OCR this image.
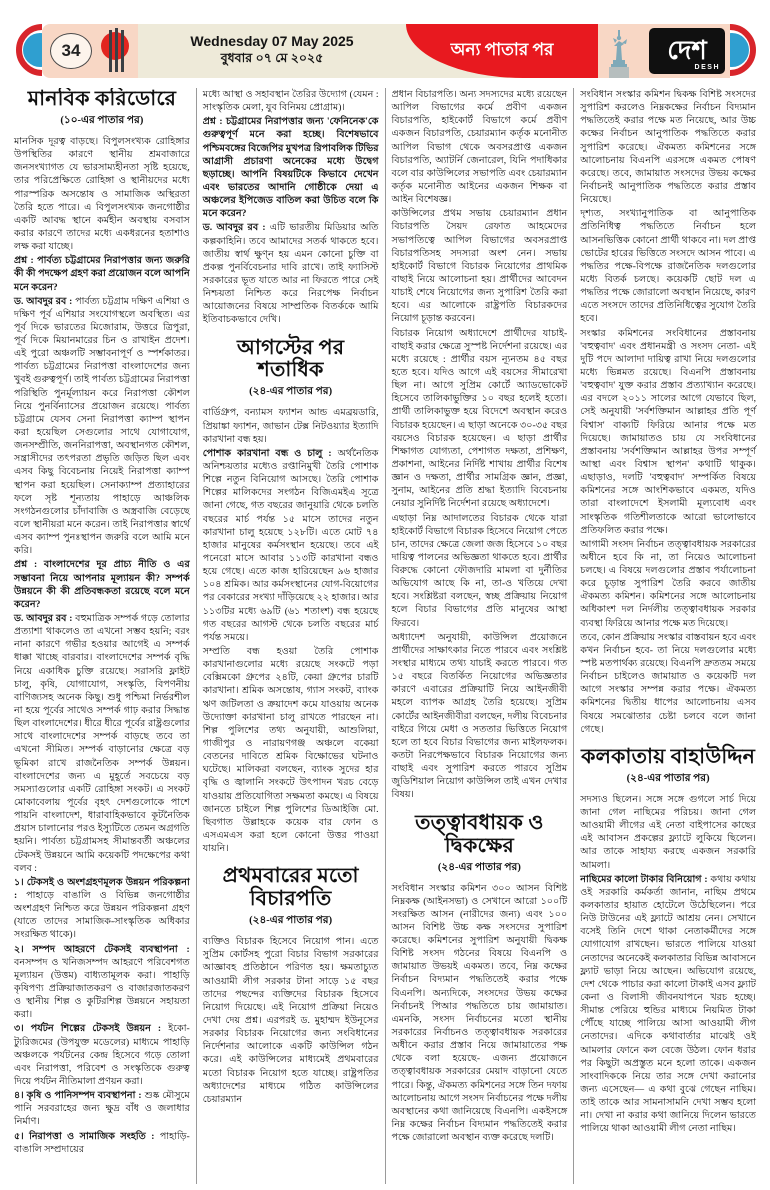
34
Wednesday 07 May 2025
বুধবার ০৭ মে ২০২৫	অন্য পাতার পর	দেশ
DESH
মানবিক করিডোরে
(১০-এর পাতার পর)

মানসিক দূরত্ব বাড়ছে। বিপুলসংখ্যক রোহিঙ্গার উপস্থিতির কারণে স্থানীয় শ্রমবাজারে জনসংখ্যাগত যে ভারসাম্যহীনতা সৃষ্টি হয়েছে, তার পরিপ্রেক্ষিতে রোহিঙ্গা ও স্থানীয়দের মধ্যে পারস্পরিক অসন্তোষ ও সামাজিক অস্থিরতা তৈরি হতে পারে। এ বিপুলসংখ্যক জনগোষ্ঠীর একটি আবদ্ধ স্থানে কর্মহীন অবস্থায় বসবাস করার কারণে তাদের মধ্যে একধরনের হতাশাও লক্ষ করা যাচ্ছে।

প্রশ্ন : পার্বত্য চট্টগ্রামের নিরাপত্তার জন্য জরুরি কী কী পদক্ষেপ গ্রহণ করা প্রয়োজন বলে আপনি মনে করেন?

ড. আবদুর রব : পার্বত্য চট্টগ্রাম দক্ষিণ এশিয়া ও দক্ষিণ পূর্ব এশিয়ার সংযোগস্থলে অবস্থিত। এর পূর্ব দিকে ভারতের মিজোরাম, উত্তরে ত্রিপুরা, পূর্ব দিকে মিয়ানমারের চিন ও রাখাইন প্রদেশ। এই পুরো অঞ্চলটি সম্ভাবনাপূর্ণ ও স্পর্শকাতর। পার্বত্য চট্টগ্রামের নিরাপত্তা বাংলাদেশের জন্য খুবই গুরুত্বপূর্ণ। তাই পার্বত্য চট্টগ্রামের নিরাপত্তা পরিস্থিতি পুনর্মূল্যায়ন করে নিরাপত্তা কৌশল নিয়ে পুনর্বিন্যাসের প্রয়োজন রয়েছে। পার্বত্য চট্টগ্রামে যেসব সেনা নিরাপত্তা ক্যাম্প স্থাপন করা হয়েছিল সেগুলোর সাথে যোগাযোগ, জনসম্প্রীতি, জননিরাপত্তা, অবস্থানগত কৌশল, সন্ত্রাসীদের তৎপরতা প্রভৃতি জড়িত ছিল এবং এসব কিছু বিবেচনায় নিয়েই নিরাপত্তা ক্যাম্প স্থাপন করা হয়েছিল। সেনাক্যাম্প প্রত্যাহারের ফলে সৃষ্ট শূন্যতায় পাহাড়ে আঞ্চলিক সংগঠনগুলোর চাঁদাবাজি ও অস্ত্রবাজি বেড়েছে বলে স্থানীয়রা মনে করেন। তাই নিরাপত্তার স্বার্থে এসব ক্যাম্প পুনঃস্থাপন জরুরি বলে আমি মনে করি।

প্রশ্ন : বাংলাদেশের দূর প্রাচ্য নীতি ও এর সম্ভাবনা নিয়ে আপনার মূল্যায়ন কী? সম্পর্ক উন্নয়নে কী কী প্রতিবন্ধকতা রয়েছে বলে মনে করেন?

ড. আবদুর রব : বহুমাত্রিক সম্পর্ক গড়ে তোলার প্রত্যাশা থাকলেও তা এখনো সম্ভব হয়নি; বরং নানা কারণে গভীর হওয়ার আগেই এ সম্পর্ক ধাক্কা খাচ্ছে বারবার। বাংলাদেশের সম্পর্ক বৃদ্ধি নিয়ে একাধিক চুক্তি রয়েছে। সরাসরি ফ্লাইট চালু, কৃষি, যোগাযোগ, সংস্কৃতি, বিপণনীয় বাণিজ্যসহ অনেক কিছু। শুধু পশ্চিমা নির্ভরশীল না হয়ে পূর্বের সাথেও সম্পর্ক গাঢ় করার সিদ্ধান্ত ছিল বাংলাদেশের। ধীরে ধীরে পূর্বের রাষ্ট্রগুলোর সাথে বাংলাদেশের সম্পর্ক বাড়ছে তবে তা এখনো সীমিত। সম্পর্ক বাড়ানোর ক্ষেত্রে বড় ভূমিকা রাখে রাজনৈতিক সম্পর্ক উন্নয়ন। বাংলাদেশের জন্য এ মুহূর্তে সবচেয়ে বড় সমস্যাগুলোর একটি রোহিঙ্গা সংকট। এ সংকট মোকাবেলায় পূর্বের বৃহৎ দেশগুলোকে পাশে পায়নি বাংলাদেশ, ধারাবাহিকভাবে কূটনৈতিক প্রয়াস চালানোর পরও ইস্যুটিতে তেমন অগ্রগতি হয়নি। পার্বত্য চট্টগ্রামসহ সীমান্তবর্তী অঞ্চলের টেকসই উন্নয়নে আমি কয়েকটি পদক্ষেপের কথা বলব :

১। টেকসই ও অংশগ্রহণমূলক উন্নয়ন পরিকল্পনা : পাহাড়ে বাঙালি ও বিভিন্ন জনগোষ্ঠীর অংশগ্রহণ নিশ্চিত করে উন্নয়ন পরিকল্পনা গ্রহণ (যাতে তাদের সামাজিক-সাংস্কৃতিক অধিকার সংরক্ষিত থাকে)।

২। সম্পদ আহরণে টেকসই ব্যবস্থাপনা : বনসম্পদ ও খনিজসম্পদ আহরণে পরিবেশগত মূল্যায়ন (উত্তম) বাধ্যতামূলক করা। পাহাড়ি কৃষিপণ্য প্রক্রিয়াজাতকরণ ও বাজারজাতকরণ ও স্থানীয় শিল্প ও কুটিরশিল্প উন্নয়নে সহায়তা করা।

৩। পর্যটন শিল্পের টেকসই উন্নয়ন : ইকো-ট্যুরিজমের (উপযুক্ত মডেলের) মাধ্যমে পাহাড়ি অঞ্চলকে পর্যটনের কেন্দ্র হিসেবে গড়ে তোলা এবং নিরাপত্তা, পরিবেশ ও সংস্কৃতিকে গুরুত্ব দিয়ে পর্যটন নীতিমালা প্রণয়ন করা।

৪। কৃষি ও পানিসম্পদ ব্যবস্থাপনা : শুষ্ক মৌসুমে পানি সরবরাহের জন্য ক্ষুদ্র বাঁধ ও জলাধার নির্মাণ।

৫। নিরাপত্তা ও সামাজিক সংহতি : পাহাড়ি-বাঙালি সম্প্রদায়ের

মধ্যে আস্থা ও সহাবস্থান তৈরির উদ্যোগ (যেমন : সাংস্কৃতিক মেলা, যুব বিনিময় প্রোগ্রাম)।

প্রশ্ন : চট্টগ্রামের নিরাপত্তার জন্য 'ফেনিনেক'কে গুরুত্বপূর্ণ মনে করা হচ্ছে। বিশেষভাবে পশ্চিমবঙ্গের বিজেপির মুখপত্র রিপাবলিক টিভির আগ্রাসী প্রচারণা অনেকের মধ্যে উদ্বেগ ছড়াচ্ছে। আপনি বিষয়টিকে কিভাবে দেখেন এবং ভারতের আদানি গোষ্ঠীকে দেয়া এ অঞ্চলের ইপিজেড বাতিল করা উচিত বলে কি মনে করেন?

ড. আবদুর রব : এটি ভারতীয় মিডিয়ার অতি কল্পকাহিনি। তবে আমাদের সতর্ক থাকতে হবে। জাতীয় স্বার্থ ক্ষুণ্ন হয় এমন কোনো চুক্তি বা প্রকল্প পুনর্বিবেচনার দাবি রাখে। তাই ফ্যাসিস্ট সরকারের ভূত যাতে আর না ফিরতে পারে সেই নিশ্চয়তা নিশ্চিত করে নিরপেক্ষ নির্বাচন আয়োজনের বিষয়ে সাম্প্রতিক বিতর্ককে আমি ইতিবাচকভাবে দেখি।

আগস্টের পর শতাধিক
(২৪-এর পাতার পর)

বার্ডিগ্রুপ, বন্যামস ফ্যাশন আন্ড এমব্রয়ডারি, প্রিয়াঙ্কা ফ্যাশন, জাভান টেক্স নিটওয়্যার ইত্যাদি কারখানা বন্ধ হয়।

পোশাক কারখানা বন্ধ ও চালু : অর্থনৈতিক অনিশ্চয়তার মধ্যেও রপ্তানিমুখী তৈরি পোশাক শিল্পে নতুন বিনিয়োগ আসছে। তৈরি পোশাক শিল্পের মালিকদের সংগঠন বিজিএমইএ সূত্রে জানা গেছে, গত বছরের জানুয়ারি থেকে চলতি বছরের মার্চ পর্যন্ত ১৫ মাসে তাদের নতুন কারখানা চালু হয়েছে ১২৮টি। এতে মোট ৭৪ হাজার মানুষের কর্মসংস্থান হয়েছে। তবে এই পনেরো মাসে আবার ১১৩টি কারখানা বন্ধও হয়ে গেছে। এতে কাজ হারিয়েছেন ৯৬ হাজার ১০৪ শ্রমিক। আর কর্মসংস্থানের যোগ-বিয়োগের পর বেকারের সংখ্যা দাঁড়িয়েছে ২২ হাজার। আর ১১৩টির মধ্যে ৬৯টি (৬১ শতাংশ) বন্ধ হয়েছে গত বছরের আগস্ট থেকে চলতি বছরের মার্চ পর্যন্ত সময়ে।

সম্প্রতি বন্ধ হওয়া তৈরি পোশাক কারখানাগুলোর মধ্যে রয়েছে সংকটে পড়া বেক্সিমকো গ্রুপের ২৪টি, কেয়া গ্রুপের চারটি কারখানা। শ্রমিক অসন্তোষ, গ্যাস সংকট, ব্যাংক ঋণ জটিলতা ও ক্রয়াদেশ কমে যাওয়ায় অনেক উদ্যোক্তা কারখানা চালু রাখতে পারছেন না। শিল্প পুলিশের তথ্য অনুযায়ী, আশুলিয়া, গাজীপুর ও নারায়ণগঞ্জ অঞ্চলে বকেয়া বেতনের দাবিতে শ্রমিক বিক্ষোভের ঘটনাও ঘটেছে। মালিকরা বলছেন, ব্যাংক সুদের হার বৃদ্ধি ও জ্বালানি সংকটে উৎপাদন খরচ বেড়ে যাওয়ায় প্রতিযোগিতা সক্ষমতা কমছে। এ বিষয়ে জানতে চাইলে শিল্প পুলিশের ডিআইজি মো. ছিবগাত উল্লাহকে কয়েক বার ফোন ও এসএমএস করা হলে কোনো উত্তর পাওয়া যায়নি।

প্রথমবারের মতো বিচারপতি
(২৪-এর পাতার পর)

ব্যক্তিও বিচারক হিসেবে নিয়োগ পান। এতে সুপ্রিম কোর্টসহ পুরো বিচার বিভাগ সরকারের আজ্ঞাবহ প্রতিষ্ঠানে পরিণত হয়। ক্ষমতাচ্যুত আওয়ামী লীগ সরকার টানা সাড়ে ১৫ বছর তাদের পছন্দের ব্যক্তিদের বিচারক হিসেবে নিয়োগ দিয়েছে। এই নিয়োগ প্রক্রিয়া নিয়েও দেখা দেয় প্রশ্ন। এরপরই ড. মুহাম্মদ ইউনূসের সরকার বিচারক নিয়োগের জন্য সংবিধানের নির্দেশনার আলোকে একটি কাউন্সিল গঠন করে। এই কাউন্সিলের মাধ্যমেই প্রথমবারের মতো বিচারক নিয়োগ হতে যাচ্ছে। রাষ্ট্রপতির অধ্যাদেশের মাধ্যমে গঠিত কাউন্সিলের চেয়ারম্যান

প্রধান বিচারপতি। অন্য সদস্যদের মধ্যে রয়েছেন আপিল বিভাগের কর্মে প্রবীণ একজন বিচারপতি, হাইকোর্ট বিভাগে কর্মে প্রবীণ একজন বিচারপতি, চেয়ারম্যান কর্তৃক মনোনীত আপিল বিভাগ থেকে অবসরপ্রাপ্ত একজন বিচারপতি, অ্যাটর্নি জেনারেল, যিনি পদাধিকার বলে বার কাউন্সিলের সভাপতি এবং চেয়ারম্যান কর্তৃক মনোনীত আইনের একজন শিক্ষক বা আইন বিশেষজ্ঞ।

কাউন্সিলের প্রথম সভায় চেয়ারম্যান প্রধান বিচারপতি সৈয়দ রেফাত আহমেদের সভাপতিত্বে আপিল বিভাগের অবসরপ্রাপ্ত বিচারপতিসহ সদস্যরা অংশ নেন। সভায় হাইকোর্ট বিভাগে বিচারক নিয়োগের প্রাথমিক বাছাই নিয়ে আলোচনা হয়। প্রার্থীদের আবেদন যাচাই শেষে নিয়োগের জন্য সুপারিশ তৈরি করা হবে। এর আলোকে রাষ্ট্রপতি বিচারকদের নিয়োগ চূড়ান্ত করবেন।

বিচারক নিয়োগ অধ্যাদেশে প্রার্থীদের যাচাই-বাছাই করার ক্ষেত্রে সুস্পষ্ট নির্দেশনা রয়েছে। এর মধ্যে রয়েছে : প্রার্থীর বয়স ন্যূনতম ৪৫ বছর হতে হবে। যদিও আগে এই বয়সের সীমারেখা ছিল না। আগে সুপ্রিম কোর্টে অ্যাডভোকেট হিসেবে তালিকাভুক্তির ১০ বছর হলেই হতো। প্রার্থী তালিকাভুক্ত হয়ে বিদেশে অবস্থান করেও বিচারক হয়েছেন। এ ছাড়া অনেকে ৩০-৩৫ বছর বয়সেও বিচারক হয়েছেন। এ ছাড়া প্রার্থীর শিক্ষাগত যোগ্যতা, পেশাগত দক্ষতা, প্রশিক্ষণ, প্রকাশনা, আইনের নির্দিষ্ট শাখায় প্রার্থীর বিশেষ জ্ঞান ও দক্ষতা, প্রার্থীর সামগ্রিক জ্ঞান, প্রজ্ঞা, সুনাম, আইনের প্রতি শ্রদ্ধা ইত্যাদি বিবেচনায় নেয়ার সুনির্দিষ্ট নির্দেশনা রয়েছে অধ্যাদেশে।

এছাড়া নিম্ন আদালতের বিচারক থেকে যারা হাইকোর্ট বিভাগে বিচারক হিসেবে নিয়োগ পেতে চান, তাদের ক্ষেত্রে জেলা জজ হিসেবে ১০ বছর দায়িত্ব পালনের অভিজ্ঞতা থাকতে হবে। প্রার্থীর বিরুদ্ধে কোনো ফৌজদারি মামলা বা দুর্নীতির অভিযোগ আছে কি না, তা-ও খতিয়ে দেখা হবে। সংশ্লিষ্টরা বলছেন, স্বচ্ছ প্রক্রিয়ায় নিয়োগ হলে বিচার বিভাগের প্রতি মানুষের আস্থা ফিরবে।

অধ্যাদেশ অনুযায়ী, কাউন্সিল প্রয়োজনে প্রার্থীদের সাক্ষাৎকার নিতে পারবে এবং সংশ্লিষ্ট সংস্থার মাধ্যমে তথ্য যাচাই করতে পারবে। গত ১৫ বছরে বিতর্কিত নিয়োগের অভিজ্ঞতার কারণে এবারের প্রক্রিয়াটি নিয়ে আইনজীবী মহলে ব্যাপক আগ্রহ তৈরি হয়েছে। সুপ্রিম কোর্টের আইনজীবীরা বলছেন, দলীয় বিবেচনার বাইরে গিয়ে মেধা ও সততার ভিত্তিতে নিয়োগ হলে তা হবে বিচার বিভাগের জন্য মাইলফলক। কতটা নিরপেক্ষভাবে বিচারক নিয়োগের জন্য বাছাই এবং সুপারিশ করতে পারবে সুপ্রিম জুডিশিয়াল নিয়োগ কাউন্সিল তাই এখন দেখার বিষয়।

তত্ত্বাবধায়ক ও দ্বিকক্ষের
(২৪-এর পাতার পর)

সংবিধান সংস্কার কমিশন ৩০০ আসন বিশিষ্ট নিম্নকক্ষ (আইনসভা) ও সেখানে আরো ১০০টি সংরক্ষিত আসন (নারীদের জন্য) এবং ১০০ আসন বিশিষ্ট উচ্চ কক্ষ সংসদের সুপারিশ করেছে। কমিশনের সুপারিশ অনুযায়ী দ্বিকক্ষ বিশিষ্ট সংসদ গঠনের বিষয়ে বিএনপি ও জামায়াত উভয়ই একমত। তবে, নিম্ন কক্ষের নির্বাচন বিদ্যমান পদ্ধতিতেই করার পক্ষে বিএনপি। অন্যদিকে, সংসদের উভয় কক্ষের নির্বাচনই পিআর পদ্ধতিতে চায় জামায়াত। এমনকি, সংসদ নির্বাচনের মতো স্থানীয় সরকারের নির্বাচনও তত্ত্বাবধায়ক সরকারের অধীনে করার প্রস্তাব নিয়ে জামায়াতের পক্ষ থেকে বলা হয়েছে- এজন্য প্রয়োজনে তত্ত্বাবধায়ক সরকারের মেয়াদ বাড়ানো যেতে পারে। কিন্তু, ঐকমত্য কমিশনের সঙ্গে তিন দফায় আলোচনায় আগে সংসদ নির্বাচনের পক্ষে দলীয় অবস্থানের কথা জানিয়েছে বিএনপি। একইসঙ্গে নিম্ন কক্ষের নির্বাচন বিদ্যমান পদ্ধতিতেই করার পক্ষে জোরালো অবস্থান ব্যক্ত করেছে দলটি।

সংবিধান সংস্কার কমিশন দ্বিকক্ষ বিশিষ্ট সংসদের সুপারিশ করলেও নিম্নকক্ষের নির্বাচন বিদ্যমান পদ্ধতিতেই করার পক্ষে মত নিয়েছে, আর উচ্চ কক্ষের নির্বাচন আনুপাতিক পদ্ধতিতে করার সুপারিশ করেছে। ঐকমত্য কমিশনের সঙ্গে আলোচনায় বিএনপি এরসঙ্গে একমত পোষণ করেছে। তবে, জামায়াত সংসদের উভয় কক্ষের নির্বাচনই আনুপাতিক পদ্ধতিতে করার প্রস্তাব নিয়েছে।

দৃশ্যত, সংখ্যানুপাতিক বা আনুপাতিক প্রতিনিধিত্ব পদ্ধতিতে নির্বাচন হলে আসনভিত্তিক কোনো প্রার্থী থাকবে না। দল প্রাপ্ত ভোটের হারের ভিত্তিতে সংসদে আসন পাবে। এ পদ্ধতির পক্ষে-বিপক্ষে রাজনৈতিক দলগুলোর মধ্যে বিতর্ক চলছে। কয়েকটি ছোট দল এ পদ্ধতির পক্ষে জোরালো অবস্থান নিয়েছে, কারণ এতে সংসদে তাদের প্রতিনিধিত্বের সুযোগ তৈরি হবে।

সংস্কার কমিশনের সংবিধানের প্রস্তাবনায় 'বহুত্ববাদ' এবং প্রধানমন্ত্রী ও সংসদ নেতা- এই দুটি পদে আলাদা দায়িত্ব রাখা নিয়ে দলগুলোর মধ্যে ভিন্নমত রয়েছে। বিএনপি প্রস্তাবনায় 'বহুত্ববাদ' যুক্ত করার প্রস্তাব প্রত্যাখ্যান করেছে। এর বদলে ২০১১ সালের আগে যেভাবে ছিল, সেই অনুযায়ী 'সর্বশক্তিমান আল্লাহর প্রতি পূর্ণ বিশ্বাস' বাক্যটি ফিরিয়ে আনার পক্ষে মত দিয়েছে। জামায়াতও চায় যে সংবিধানের প্রস্তাবনায় 'সর্বশক্তিমান আল্লাহর উপর সম্পূর্ণ আস্থা এবং বিশ্বাস স্থাপন' কথাটি থাকুক। এছাড়াও, দলটি 'বহুত্ববাদ' সম্পর্কিত বিষয়ে কমিশনের সঙ্গে আংশিকভাবে একমত, যদিও তারা বাংলাদেশে ইসলামী মূল্যবোধ এবং সাংস্কৃতিক গতিশীলতাকে আরো ভালোভাবে প্রতিফলিত করার পক্ষে।

আগামী সংসদ নির্বাচন তত্ত্বাবধায়ক সরকারের অধীনে হবে কি না, তা নিয়েও আলোচনা চলছে। এ বিষয়ে দলগুলোর প্রস্তাব পর্যালোচনা করে চূড়ান্ত সুপারিশ তৈরি করবে জাতীয় ঐকমত্য কমিশন। কমিশনের সঙ্গে আলোচনায় অধিকাংশ দল নির্দলীয় তত্ত্বাবধায়ক সরকার ব্যবস্থা ফিরিয়ে আনার পক্ষে মত দিয়েছে।

তবে, কোন প্রক্রিয়ায় সংস্কার বাস্তবায়ন হবে এবং কখন নির্বাচন হবে- তা নিয়ে দলগুলোর মধ্যে স্পষ্ট মতপার্থক্য রয়েছে। বিএনপি দ্রুততম সময়ে নির্বাচন চাইলেও জামায়াত ও কয়েকটি দল আগে সংস্কার সম্পন্ন করার পক্ষে। ঐকমত্য কমিশনের দ্বিতীয় ধাপের আলোচনায় এসব বিষয়ে সমঝোতার চেষ্টা চলবে বলে জানা গেছে।

কলকাতায় বাহাউদ্দিন
(২৪-এর পাতার পর)

সদস্যও ছিলেন। সঙ্গে সঙ্গে গুগলে সার্চ দিয়ে জানা গেল নাছিমের পরিচয়। জানা গেল আওয়ামী লীগের এই নেতা বাইপাসের কাছের এই আবাসন প্রকল্পের ফ্ল্যাটে লুকিয়ে ছিলেন। আর তাকে সাহায্য করছে একজন সরকারি আমলা।

নাছিমের কালো টাকার বিনিয়োগ : কথায় কথায় ওই সরকারি কর্মকর্তা জানান, নাছিম প্রথমে কলকাতার হায়াত হোটেলে উঠেছিলেন। পরে নিউ টাউনের এই ফ্ল্যাটে আশ্রয় নেন। সেখানে বসেই তিনি দেশে থাকা নেতাকর্মীদের সঙ্গে যোগাযোগ রাখছেন। ভারতে পালিয়ে যাওয়া নেতাদের অনেকেই কলকাতার বিভিন্ন আবাসনে ফ্ল্যাট ভাড়া নিয়ে আছেন। অভিযোগ রয়েছে, দেশ থেকে পাচার করা কালো টাকাই এসব ফ্ল্যাট কেনা ও বিলাসী জীবনযাপনে খরচ হচ্ছে। সীমান্ত পেরিয়ে হুন্ডির মাধ্যমে নিয়মিত টাকা পৌঁছে যাচ্ছে পালিয়ে আসা আওয়ামী লীগ নেতাদের। এদিকে কথাবার্তার মাঝেই ওই আমলার ফোনে কল বেজে উঠল। ফোন ধরার পর কিছুটা অপ্রস্তুত মনে হলো তাকে। একজন সাংবাদিককে নিয়ে তার সঙ্গে দেখা করানোর জন্য এসেছেন— এ কথা বুঝে গেছেন নাছিম। তাই তাকে আর সামনাসামনি দেখা সম্ভব হলো না। দেখা না করার কথা জানিয়ে দিলেন ভারতে পালিয়ে থাকা আওয়ামী লীগ নেতা নাছিম।
